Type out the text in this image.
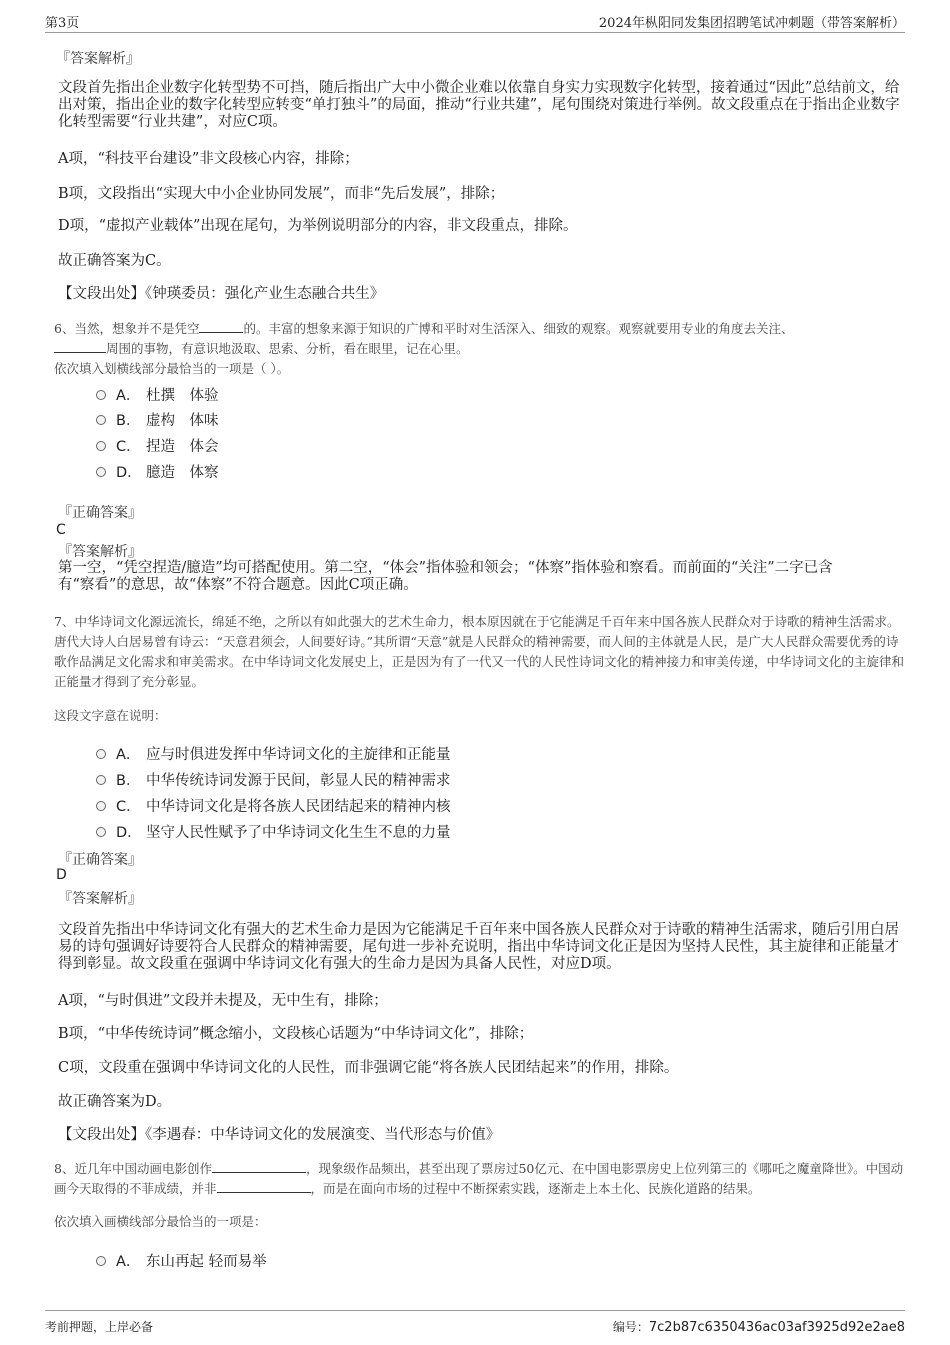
第3页	2024年枞阳同发集团招聘笔试冲刺题（带答案解析）
『答案解析』
文段首先指出企业数字化转型势不可挡，随后指出广大中小微企业难以依靠自身实力实现数字化转型，接着通过“因此”总结前文，给出对策，指出企业的数字化转型应转变“单打独斗”的局面，推动“行业共建”，尾句围绕对策进行举例。故文段重点在于指出企业数字化转型需要“行业共建”，对应C项。
A项，“科技平台建设”非文段核心内容，排除；
B项，文段指出“实现大中小企业协同发展”，而非“先后发展”，排除；
D项，“虚拟产业载体”出现在尾句，为举例说明部分的内容，非文段重点，排除。
故正确答案为C。
【文段出处】《钟瑛委员：强化产业生态融合共生》
6、当然，想象并不是凭空	的。丰富的想象来源于知识的广博和平时对生活深入、细致的观察。观察就要用专业的角度去关注、
周围的事物，有意识地汲取、思索、分析，看在眼里，记在心里。
依次填入划横线部分最恰当的一项是（ ）。
A． 杜撰　体验
B． 虚构　体味
C． 捏造　体会
D． 臆造　体察
『正确答案』
C
『答案解析』
第一空，“凭空捏造/臆造”均可搭配使用。第二空，“体会”指体验和领会；“体察”指体验和察看。而前面的“关注”二字已含有“察看”的意思，故“体察”不符合题意。因此C项正确。
7、中华诗词文化源远流长，绵延不绝，之所以有如此强大的艺术生命力，根本原因就在于它能满足千百年来中国各族人民群众对于诗歌的精神生活需求。唐代大诗人白居易曾有诗云：“天意君须会，人间要好诗。”其所谓“天意”就是人民群众的精神需要，而人间的主体就是人民，是广大人民群众需要优秀的诗歌作品满足文化需求和审美需求。在中华诗词文化发展史上，正是因为有了一代又一代的人民性诗词文化的精神接力和审美传递，中华诗词文化的主旋律和正能量才得到了充分彰显。
这段文字意在说明：
A． 应与时俱进发挥中华诗词文化的主旋律和正能量
B． 中华传统诗词发源于民间，彰显人民的精神需求
C． 中华诗词文化是将各族人民团结起来的精神内核
D． 坚守人民性赋予了中华诗词文化生生不息的力量
『正确答案』
D
『答案解析』
文段首先指出中华诗词文化有强大的艺术生命力是因为它能满足千百年来中国各族人民群众对于诗歌的精神生活需求，随后引用白居易的诗句强调好诗要符合人民群众的精神需要，尾句进一步补充说明，指出中华诗词文化正是因为坚持人民性，其主旋律和正能量才得到彰显。故文段重在强调中华诗词文化有强大的生命力是因为具备人民性，对应D项。
A项，“与时俱进”文段并未提及，无中生有，排除；
B项，“中华传统诗词”概念缩小，文段核心话题为“中华诗词文化”，排除；
C项，文段重在强调中华诗词文化的人民性，而非强调它能“将各族人民团结起来”的作用，排除。
故正确答案为D。
【文段出处】《李遇春：中华诗词文化的发展演变、当代形态与价值》
8、近几年中国动画电影创作	，现象级作品频出，甚至出现了票房过50亿元、在中国电影票房史上位列第三的《哪吒之魔童降世》。中国动画今天取得的不菲成绩，并非	，而是在面向市场的过程中不断探索实践，逐渐走上本土化、民族化道路的结果。
依次填入画横线部分最恰当的一项是：
A． 东山再起 轻而易举
考前押题，上岸必备	编号：7c2b87c6350436ac03af3925d92e2ae8
